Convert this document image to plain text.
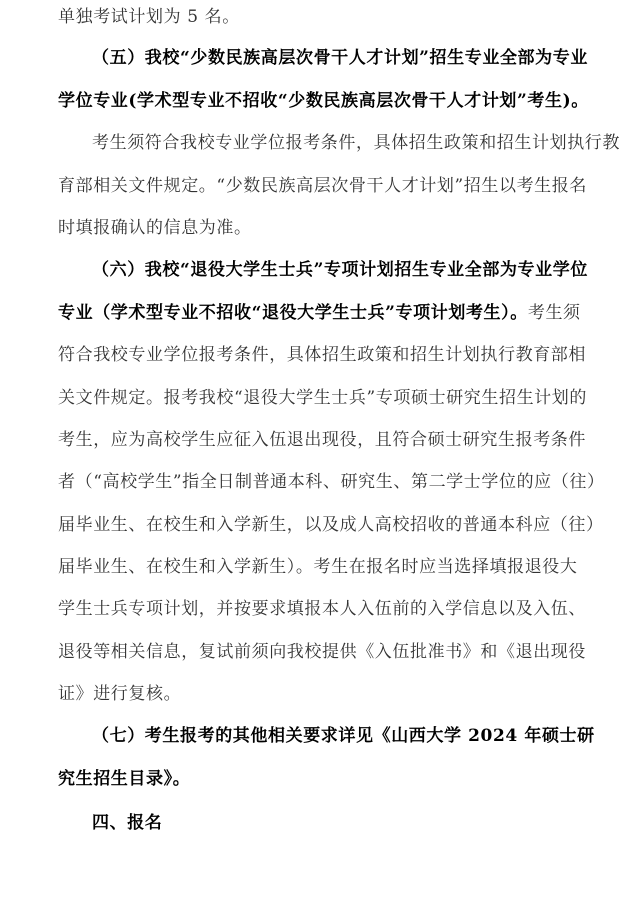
单独考试计划为 5 名。
（五）我校“少数民族高层次骨干人才计划”招生专业全部为专业
学位专业(学术型专业不招收“少数民族高层次骨干人才计划”考生)。
考生须符合我校专业学位报考条件，具体招生政策和招生计划执行教
育部相关文件规定。“少数民族高层次骨干人才计划”招生以考生报名
时填报确认的信息为准。
（六）我校“退役大学生士兵”专项计划招生专业全部为专业学位
专业（学术型专业不招收“退役大学生士兵”专项计划考生）。考生须
符合我校专业学位报考条件，具体招生政策和招生计划执行教育部相
关文件规定。报考我校“退役大学生士兵”专项硕士研究生招生计划的
考生，应为高校学生应征入伍退出现役，且符合硕士研究生报考条件
者（“高校学生”指全日制普通本科、研究生、第二学士学位的应（往）
届毕业生、在校生和入学新生，以及成人高校招收的普通本科应（往）
届毕业生、在校生和入学新生）。考生在报名时应当选择填报退役大
学生士兵专项计划，并按要求填报本人入伍前的入学信息以及入伍、
退役等相关信息，复试前须向我校提供《入伍批准书》和《退出现役
证》进行复核。
（七）考生报考的其他相关要求详见《山西大学 2024 年硕士研
究生招生目录》。
四、报名
